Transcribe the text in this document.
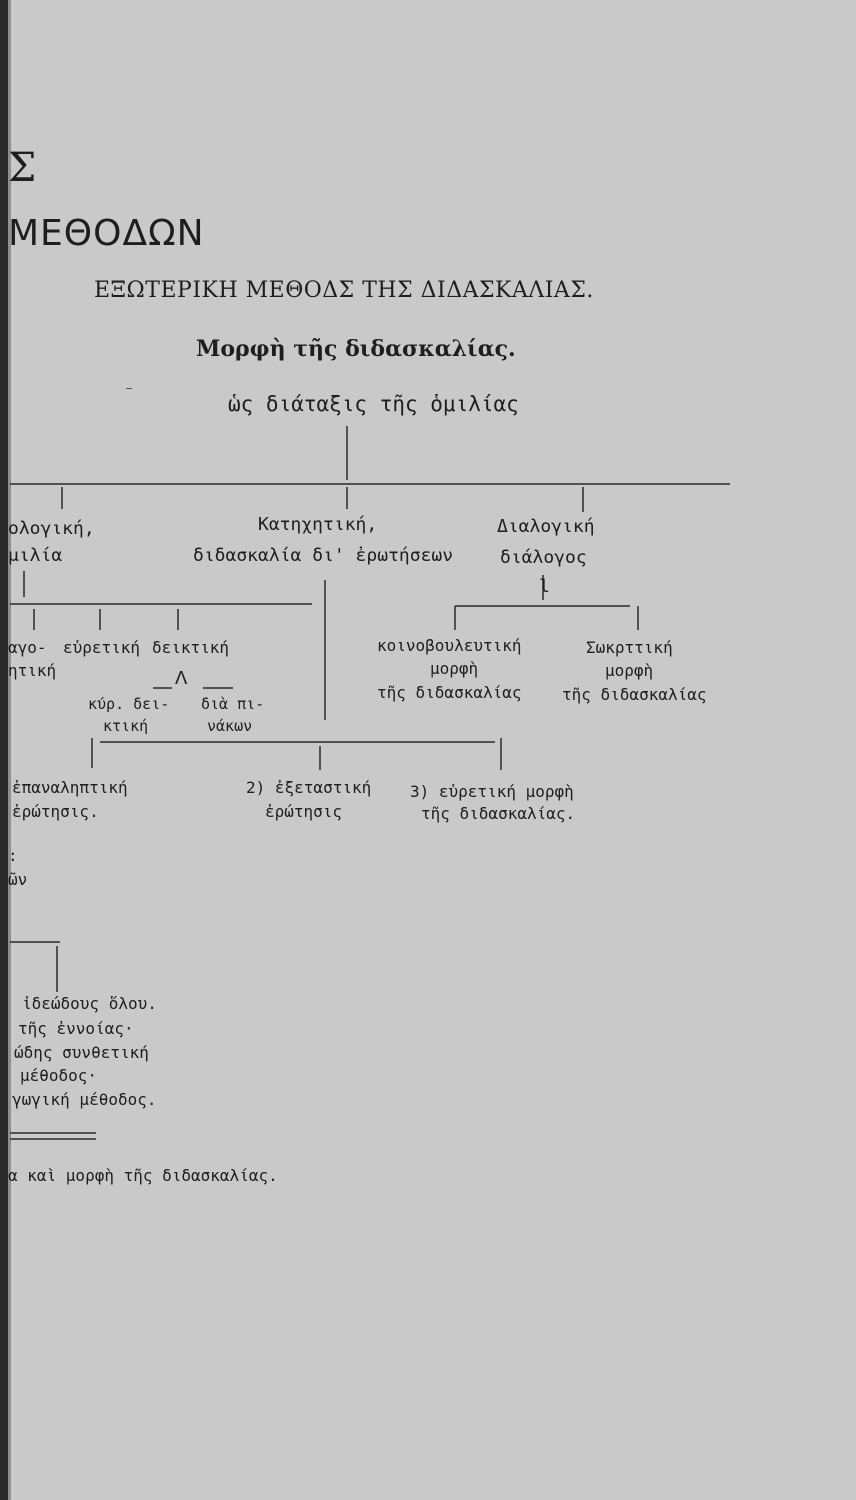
Σ
ΜΕΘΟΔΩΝ
ΕΞΩΤΕΡΙΚΗ ΜΕΘΟΔΣ ΤΗΣ ΔΙΔΑΣΚΑΛΙΑΣ.
Μορφὴ τῆς διδασκαλίας.
ὡς διάταξις τῆς ὁμιλίας
ολογική,
μιλία
Κατηχητική,
διδασκαλία δι' ἐρωτήσεων
Διαλογική
διάλογος
l
αγο-
ητική
εὑρετική δεικτική
Λ
κύρ. δει-
κτική
διὰ πι-
νάκων
κοινοβουλευτική
μορφὴ
τῆς διδασκαλίας
Σωκρττική
μορφὴ
τῆς διδασκαλίας
ἐπαναληπτική
ἐρώτησις.
2) ἐξεταστική
ἐρώτησις
3) εὑρετική μορφὴ
τῆς διδασκαλίας.
:
ῶν
ἰδεώδους ὅλου.
τῆς ἐννοίας·
ώδης συνθετική
μέθοδος·
γωγική μέθοδος.
α καὶ μορφὴ τῆς διδασκαλίας.
